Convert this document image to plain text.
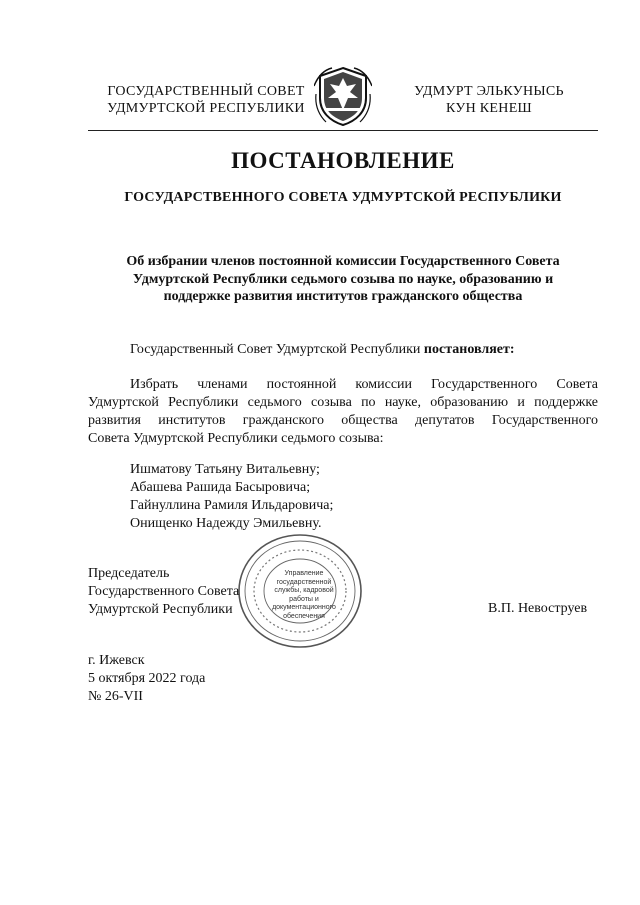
ГОСУДАРСТВЕННЫЙ СОВЕТ
УДМУРТСКОЙ РЕСПУБЛИКИ
УДМУРТ ЭЛЬКУНЫСЬ
КУН КЕНЕШ
ПОСТАНОВЛЕНИЕ
ГОСУДАРСТВЕННОГО СОВЕТА УДМУРТСКОЙ РЕСПУБЛИКИ
Об избрании членов постоянной комиссии Государственного Совета
Удмуртской Республики седьмого созыва по науке, образованию и
поддержке развития институтов гражданского общества
Государственный Совет Удмуртской Республики постановляет:
Избрать членами постоянной комиссии Государственного Совета
Удмуртской Республики седьмого созыва по науке, образованию и поддержке
развития институтов гражданского общества депутатов Государственного
Совета Удмуртской Республики седьмого созыва:
Ишматову Татьяну Витальевну;
Абашева Рашида Басыровича;
Гайнуллина Рамиля Ильдаровича;
Онищенко Надежду Эмильевну.
Управление государственной службы, кадровой работы и документационного обеспечения
Председатель
Государственного Совета
Удмуртской Республики	В.П. Невоструев
г. Ижевск
5 октября 2022 года
№ 26-VII
